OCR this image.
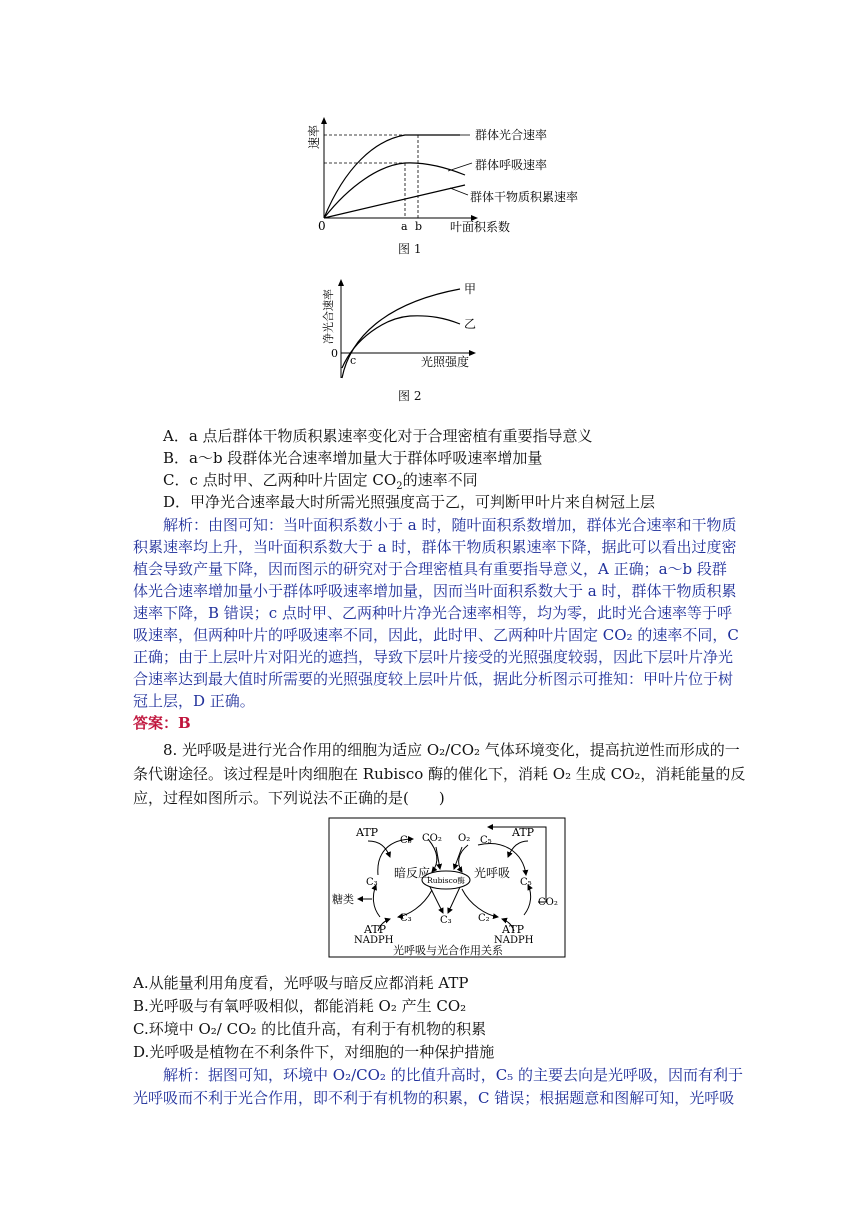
速率
0	a b 叶面积系数
群体光合速率
群体呼吸速率
群体干物质积累速率
图 1
净光合速率
0
c
甲
乙
光照强度
图 2
A．a 点后群体干物质积累速率变化对于合理密植有重要指导意义
B．a～b 段群体光合速率增加量大于群体呼吸速率增加量
C．c 点时甲、乙两种叶片固定 $CO_2$的速率不同
D．甲净光合速率最大时所需光照强度高于乙，可判断甲叶片来自树冠上层
解析：由图可知：当叶面积系数小于 a 时，随叶面积系数增加，群体光合速率和干物质
积累速率均上升，当叶面积系数大于 a 时，群体干物质积累速率下降，据此可以看出过度密
植会导致产量下降，因而图示的研究对于合理密植具有重要指导意义，A 正确；a～b 段群
体光合速率增加量小于群体呼吸速率增加量，因而当叶面积系数大于 a 时，群体干物质积累
速率下降，B 错误；c 点时甲、乙两种叶片净光合速率相等，均为零，此时光合速率等于呼
吸速率，但两种叶片的呼吸速率不同，因此，此时甲、乙两种叶片固定 CO₂ 的速率不同，C
正确；由于上层叶片对阳光的遮挡，导致下层叶片接受的光照强度较弱，因此下层叶片净光
合速率达到最大值时所需要的光照强度较上层叶片低，据此分析图示可推知：甲叶片位于树
冠上层，D 正确。
答案：B
8. 光呼吸是进行光合作用的细胞为适应 O₂/CO₂ 气体环境变化，提高抗逆性而形成的一
条代谢途径。该过程是叶肉细胞在 Rubisco 酶的催化下，消耗 O₂ 生成 CO₂，消耗能量的反
应，过程如图所示。下列说法不正确的是(　　)
Rubisco酶
ATP
C₅ CO₂ O₂ C₅
ATP
暗反应	光呼吸
C₃	C₅
糖类	CO₂
C₃	C₃	C₂
ATP
NADPH
ATP
NADPH
光呼吸与光合作用关系
A.从能量利用角度看，光呼吸与暗反应都消耗 ATP
B.光呼吸与有氧呼吸相似，都能消耗 O₂ 产生 CO₂
C.环境中 O₂/ CO₂ 的比值升高，有利于有机物的积累
D.光呼吸是植物在不利条件下，对细胞的一种保护措施
解析：据图可知，环境中 O₂/CO₂ 的比值升高时，C₅ 的主要去向是光呼吸，因而有利于
光呼吸而不利于光合作用，即不利于有机物的积累，C 错误；根据题意和图解可知，光呼吸
